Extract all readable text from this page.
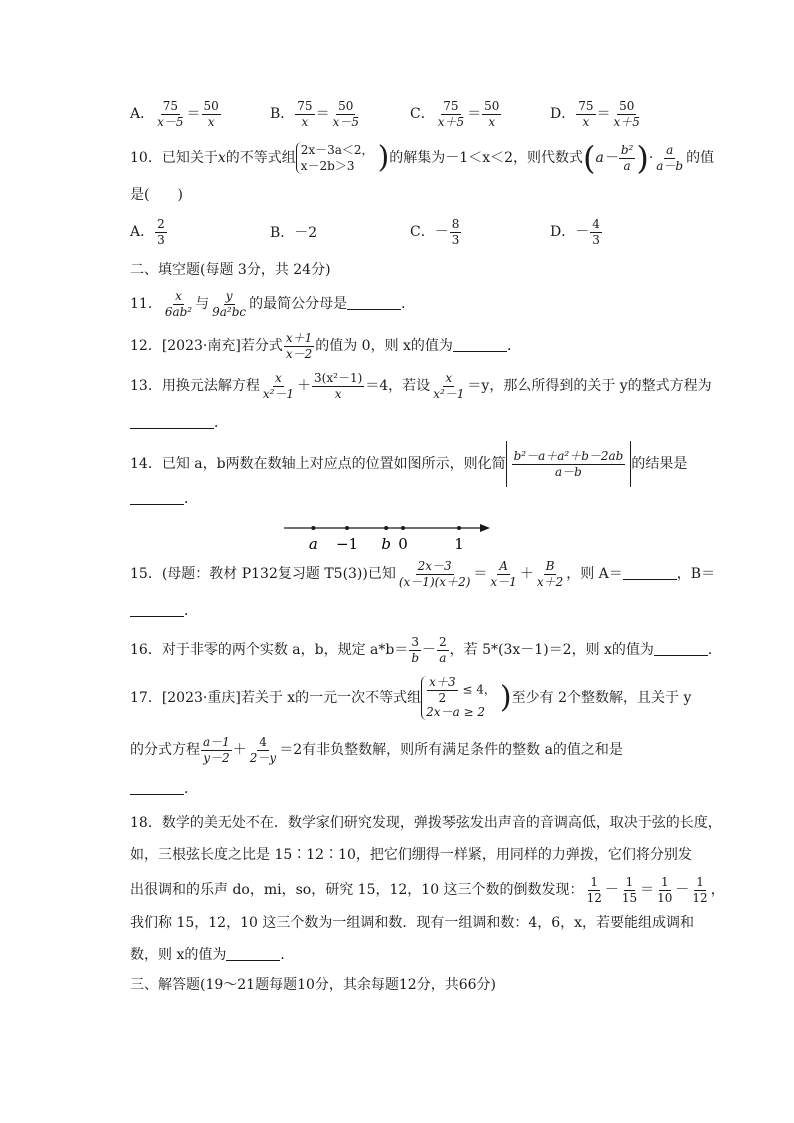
A． $\frac{75}{x-5} = \frac{50}{x}$	B． $\frac{75}{x} = \frac{50}{x-5}$	C． $\frac{75}{x+5} = \frac{50}{x}$	D． $\frac{75}{x} = \frac{50}{x+5}$
10．已知关于x的不等式组
2x－3a＜2，
x－2b＞3 )的解集为－1＜x＜2，则代数式($a- \frac{\text{b²}}{a}$ )· $\frac{a}{a-b}$ 的值
是(　　)
A． $\frac{2}{3}$	B．－2	C．－ $\frac{8}{3}$	D．－ $\frac{4}{3}$
二、填空题(每题 3分，共 24分)
11． $\frac{x}{\text{6ab²}}$ 与 $\frac{y}{\text{9a²bc}}$ 的最简公分母是	．
12．[2023·南充]若分式 $\frac{x+1}{x-2}$ 的值为 0，则 x的值为	．
13．用换元法解方程 $\frac{x}{\text{x²－1}} + \frac{\text{3(x²－1)}}{x} =4$，若设 $\frac{x}{\text{x²－1}} =y$，那么所得到的关于 y的整式方程为
．
14．已知 a，b两数在数轴上对应点的位置如图所示，则化简 $\frac{\text{b²－a＋a²＋b－2ab}}{a-b}$ 的结果是
．
a −1 b 0	1
15．(母题：教材 P132复习题 T5(3))已知 $\frac{2x-3}{(x-1)(x+2)} = \frac{A}{x-1} + \frac{B}{x+2}$ ，则 A＝	，B＝
．
16．对于非零的两个实数 a，b，规定 $a*b= \frac{3}{b} - \frac{2}{a}$ ，若 5*(3x－1)＝2，则 x的值为	．
17．[2023·重庆]若关于 x的一元一次不等式组 $\frac{x+3}{2} \le 4$，
2x－a ≥ 2 )至少有 2个整数解，且关于 y
的分式方程 $\frac{a-1}{y-2} + \frac{4}{2-y} =2$有非负整数解，则所有满足条件的整数 a的值之和是
．
18．数学的美无处不在．数学家们研究发现，弹拨琴弦发出声音的音调高低，取决于弦的长度，
如，三根弦长度之比是 15∶12∶10，把它们绷得一样紧，用同样的力弹拨，它们将分别发
出很调和的乐声 do，mi，so，研究 15，12，10 这三个数的倒数发现： $\frac{1}{12} - \frac{1}{15} = \frac{1}{10} - \frac{1}{12}$ ，
我们称 15，12，10 这三个数为一组调和数．现有一组调和数：4，6，x，若要能组成调和
数，则 x的值为	．
三、解答题(19～21题每题10分，其余每题12分，共66分)
